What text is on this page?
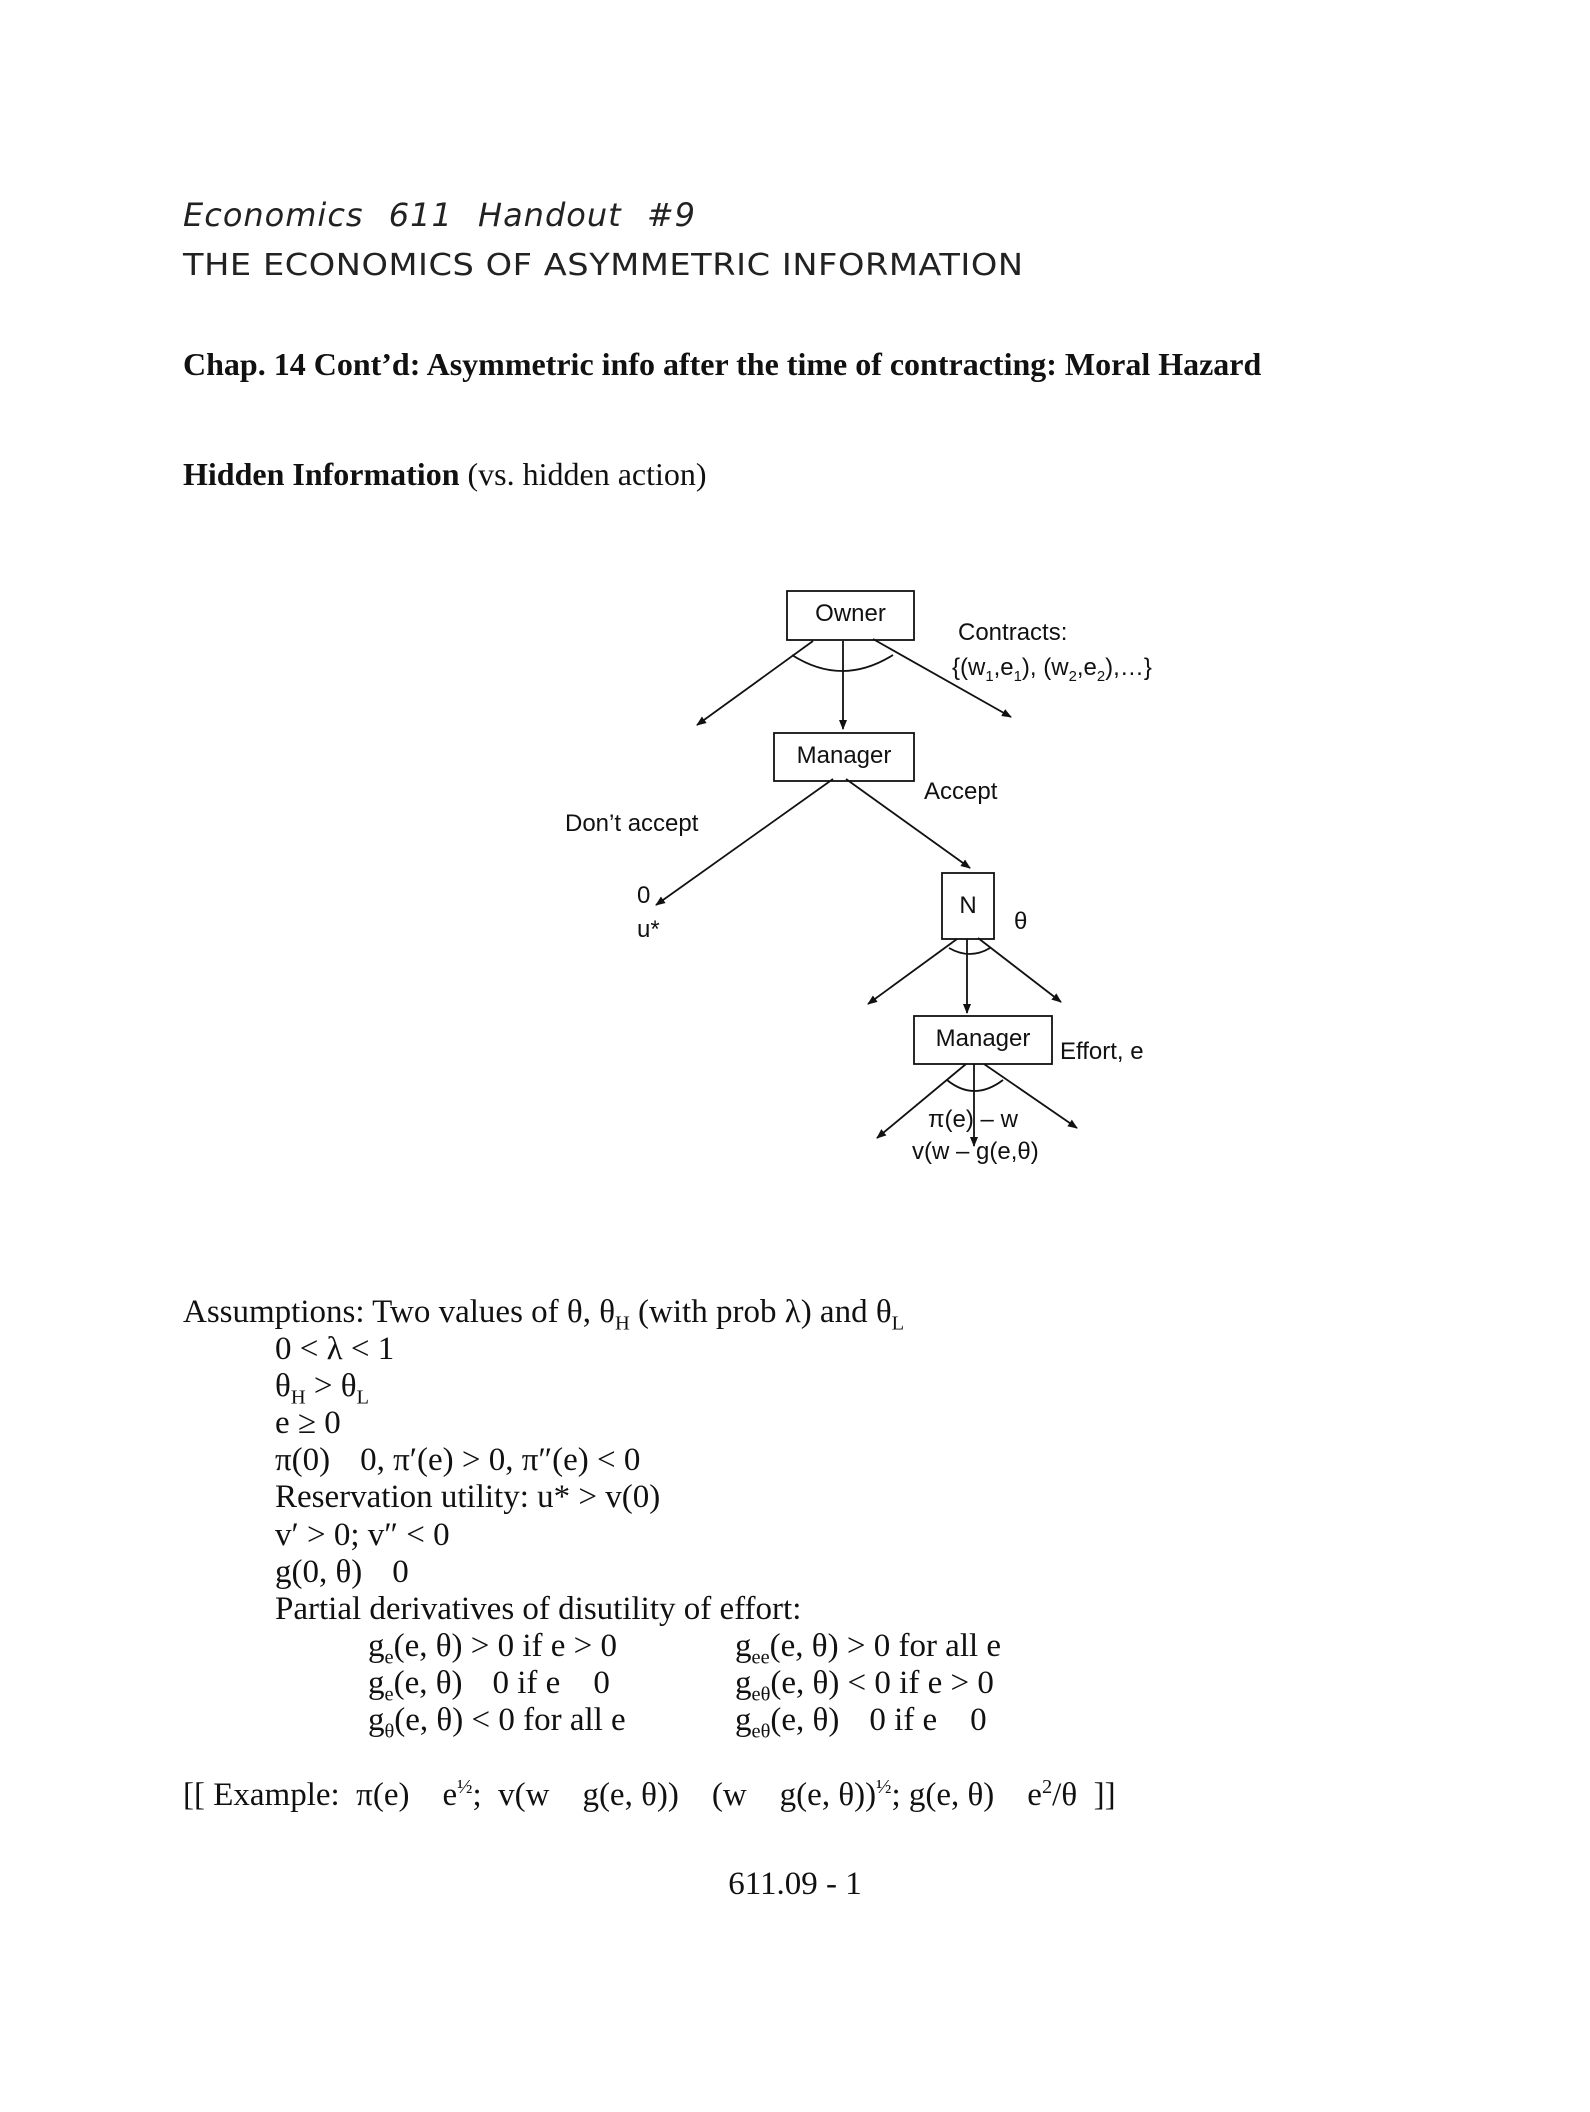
Economics 611 Handout #9
THE ECONOMICS OF ASYMMETRIC INFORMATION
Chap. 14 Cont’d: Asymmetric info after the time of contracting: Moral Hazard
Hidden Information (vs. hidden action)
Owner
Manager
N
Manager
Contracts:
{$(w_1,e_1)$, $(w_2,e_2),\dots$}
Accept
Don’t accept
0
u*	θ
Effort, e
π(e) – w
v(w – g(e,θ)
Assumptions: Two values of θ, $\theta_H$ (with prob λ) and $\theta_L$
0 < λ < 1
$\theta_H > \theta_L$
e ≥ 0
π(0) 0, π′(e) > 0, π″(e) < 0
Reservation utility: u* > v(0)
v′ > 0; v″ < 0
g(0, θ) 0
Partial derivatives of disutility of effort:
$g_e(e$, θ) > 0 if e > 0
$g_e(e$, θ) 0 if e    0
$g_\theta(e$, θ) < 0 for all e
$g_{ee}(e$, θ) > 0 for all e
$g_{e\theta}(e$, θ) < 0 if e > 0
$g_{e\theta}(e$, θ) 0 if e    0
[[ Example:  π(e)    $e^{\frac{1}{2}}$;  v(w    g(e, θ))    (w    g(e, θ))$^{\frac{1}{2}}$; g(e, θ)    $e^2/\theta$  ]]
611.09 - 1
